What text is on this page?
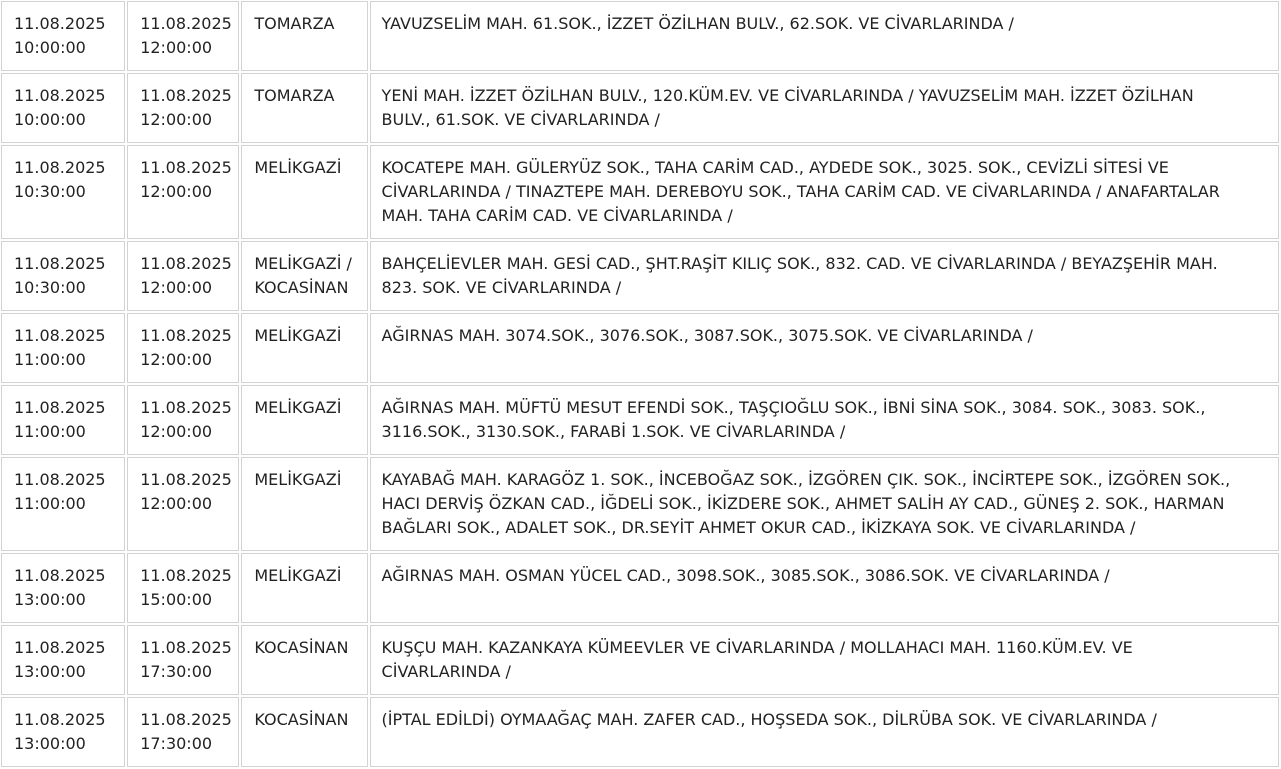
11.08.2025
10:00:00	11.08.2025
12:00:00	TOMARZA	YAVUZSELİM MAH. 61.SOK., İZZET ÖZİLHAN BULV., 62.SOK. VE CİVARLARINDA /

11.08.2025
10:00:00	11.08.2025
12:00:00	TOMARZA	YENİ MAH. İZZET ÖZİLHAN BULV., 120.KÜM.EV. VE CİVARLARINDA / YAVUZSELİM MAH. İZZET ÖZİLHAN
BULV., 61.SOK. VE CİVARLARINDA /

11.08.2025
10:30:00	11.08.2025
12:00:00	MELİKGAZİ	KOCATEPE MAH. GÜLERYÜZ SOK., TAHA CARİM CAD., AYDEDE SOK., 3025. SOK., CEVİZLİ SİTESİ VE
CİVARLARINDA / TINAZTEPE MAH. DEREBOYU SOK., TAHA CARİM CAD. VE CİVARLARINDA / ANAFARTALAR
MAH. TAHA CARİM CAD. VE CİVARLARINDA /

11.08.2025
10:30:00	11.08.2025
12:00:00	MELİKGAZİ /
KOCASİNAN	BAHÇELİEVLER MAH. GESİ CAD., ŞHT.RAŞİT KILIÇ SOK., 832. CAD. VE CİVARLARINDA / BEYAZŞEHİR MAH.
823. SOK. VE CİVARLARINDA /

11.08.2025
11:00:00	11.08.2025
12:00:00	MELİKGAZİ	AĞIRNAS MAH. 3074.SOK., 3076.SOK., 3087.SOK., 3075.SOK. VE CİVARLARINDA /

11.08.2025
11:00:00	11.08.2025
12:00:00	MELİKGAZİ	AĞIRNAS MAH. MÜFTÜ MESUT EFENDİ SOK., TAŞÇIOĞLU SOK., İBNİ SİNA SOK., 3084. SOK., 3083. SOK.,
3116.SOK., 3130.SOK., FARABİ 1.SOK. VE CİVARLARINDA /

11.08.2025
11:00:00	11.08.2025
12:00:00	MELİKGAZİ	KAYABAĞ MAH. KARAGÖZ 1. SOK., İNCEBOĞAZ SOK., İZGÖREN ÇIK. SOK., İNCİRTEPE SOK., İZGÖREN SOK.,
HACI DERVİŞ ÖZKAN CAD., İĞDELİ SOK., İKİZDERE SOK., AHMET SALİH AY CAD., GÜNEŞ 2. SOK., HARMAN
BAĞLARI SOK., ADALET SOK., DR.SEYİT AHMET OKUR CAD., İKİZKAYA SOK. VE CİVARLARINDA /

11.08.2025
13:00:00	11.08.2025
15:00:00	MELİKGAZİ	AĞIRNAS MAH. OSMAN YÜCEL CAD., 3098.SOK., 3085.SOK., 3086.SOK. VE CİVARLARINDA /

11.08.2025
13:00:00	11.08.2025
17:30:00	KOCASİNAN	KUŞÇU MAH. KAZANKAYA KÜMEEVLER VE CİVARLARINDA / MOLLAHACI MAH. 1160.KÜM.EV. VE
CİVARLARINDA /

11.08.2025
13:00:00	11.08.2025
17:30:00	KOCASİNAN	(İPTAL EDİLDİ) OYMAAĞAÇ MAH. ZAFER CAD., HOŞSEDA SOK., DİLRÜBA SOK. VE CİVARLARINDA /
